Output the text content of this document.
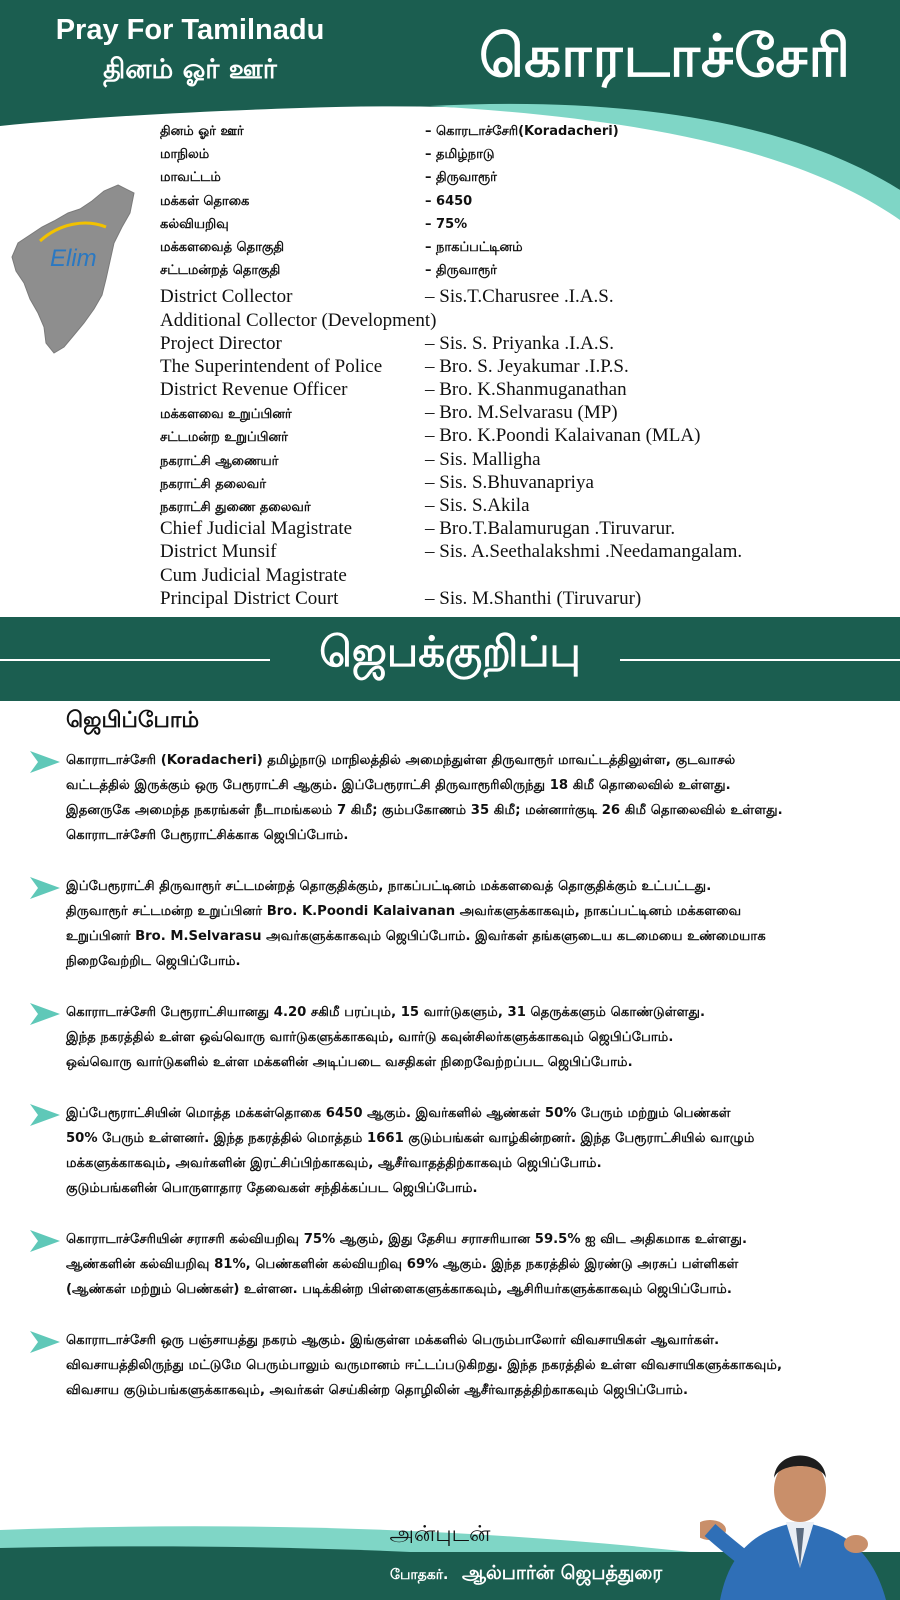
Pray For Tamilnadu
தினம் ஓர் ஊர்	கொரடாச்சேரி
Elim
தினம் ஓர் ஊர்	– கொரடாச்சேரி(Koradacheri)
மாநிலம்	– தமிழ்நாடு
மாவட்டம்	– திருவாரூர்
மக்கள் தொகை	– 6450
கல்வியறிவு	– 75%
மக்களவைத் தொகுதி	– நாகப்பட்டினம்
சட்டமன்றத் தொகுதி	– திருவாரூர்
District Collector	– Sis.T.Charusree .I.A.S.
Additional Collector (Development)
Project Director	– Sis. S. Priyanka .I.A.S.
The Superintendent of Police	– Bro. S. Jeyakumar .I.P.S.
District Revenue Officer	– Bro. K.Shanmuganathan
மக்களவை உறுப்பினர்	– Bro. M.Selvarasu (MP)
சட்டமன்ற உறுப்பினர்	– Bro. K.Poondi Kalaivanan (MLA)
நகராட்சி ஆணையர்	– Sis. Malligha
நகராட்சி தலைவர்	– Sis. S.Bhuvanapriya
நகராட்சி துணை தலைவர்	– Sis. S.Akila
Chief Judicial Magistrate	– Bro.T.Balamurugan .Tiruvarur.
District Munsif	– Sis. A.Seethalakshmi .Needamangalam.
Cum Judicial Magistrate
Principal District Court	– Sis. M.Shanthi (Tiruvarur)
ஜெபக்குறிப்பு
ஜெபிப்போம்

கொராடாச்சேரி (Koradacheri) தமிழ்நாடு மாநிலத்தில் அமைந்துள்ள திருவாரூர் மாவட்டத்திலுள்ள, குடவாசல்
வட்டத்தில் இருக்கும் ஒரு பேரூராட்சி ஆகும். இப்பேரூராட்சி திருவாரூரிலிருந்து 18 கிமீ தொலைவில் உள்ளது.
இதனருகே அமைந்த நகரங்கள் நீடாமங்கலம் 7 கிமீ; கும்பகோணம் 35 கிமீ; மன்னார்குடி 26 கிமீ தொலைவில் உள்ளது.
கொராடாச்சேரி பேரூராட்சிக்காக ஜெபிப்போம்.

இப்பேரூராட்சி திருவாரூர் சட்டமன்றத் தொகுதிக்கும், நாகப்பட்டினம் மக்களவைத் தொகுதிக்கும் உட்பட்டது.
திருவாரூர் சட்டமன்ற உறுப்பினர் Bro. K.Poondi Kalaivanan அவர்களுக்காகவும், நாகப்பட்டினம் மக்களவை
உறுப்பினர் Bro. M.Selvarasu அவர்களுக்காகவும் ஜெபிப்போம். இவர்கள் தங்களுடைய கடமையை உண்மையாக
நிறைவேற்றிட ஜெபிப்போம்.

கொராடாச்சேரி பேரூராட்சியானது 4.20 சகிமீ பரப்பும், 15 வார்டுகளும், 31 தெருக்களும் கொண்டுள்ளது.
இந்த நகரத்தில் உள்ள ஒவ்வொரு வார்டுகளுக்காகவும், வார்டு கவுன்சிலர்களுக்காகவும் ஜெபிப்போம்.
ஒவ்வொரு வார்டுகளில் உள்ள மக்களின் அடிப்படை வசதிகள் நிறைவேற்றப்பட ஜெபிப்போம்.

இப்பேரூராட்சியின் மொத்த மக்கள்தொகை 6450 ஆகும். இவர்களில் ஆண்கள் 50% பேரும் மற்றும் பெண்கள்
50% பேரும் உள்ளனர். இந்த நகரத்தில் மொத்தம் 1661 குடும்பங்கள் வாழ்கின்றனர். இந்த பேரூராட்சியில் வாழும்
மக்களுக்காகவும், அவர்களின் இரட்சிப்பிற்காகவும், ஆசீர்வாதத்திற்காகவும் ஜெபிப்போம்.
குடும்பங்களின் பொருளாதார தேவைகள் சந்திக்கப்பட ஜெபிப்போம்.

கொராடாச்சேரியின் சராசரி கல்வியறிவு 75% ஆகும், இது தேசிய சராசரியான 59.5% ஐ விட அதிகமாக உள்ளது.
ஆண்களின் கல்வியறிவு 81%, பெண்களின் கல்வியறிவு 69% ஆகும். இந்த நகரத்தில் இரண்டு அரசுப் பள்ளிகள்
(ஆண்கள் மற்றும் பெண்கள்) உள்ளன. படிக்கின்ற பிள்ளைகளுக்காகவும், ஆசிரியர்களுக்காகவும் ஜெபிப்போம்.

கொராடாச்சேரி ஒரு பஞ்சாயத்து நகரம் ஆகும். இங்குள்ள மக்களில் பெரும்பாலோர் விவசாயிகள் ஆவார்கள்.
விவசாயத்திலிருந்து மட்டுமே பெரும்பாலும் வருமானம் ஈட்டப்படுகிறது. இந்த நகரத்தில் உள்ள விவசாயிகளுக்காகவும்,
விவசாய குடும்பங்களுக்காகவும், அவர்கள் செய்கின்ற தொழிலின் ஆசீர்வாதத்திற்காகவும் ஜெபிப்போம்.

அன்புடன்
போதகர். ஆல்பார்ன் ஜெபத்துரை
